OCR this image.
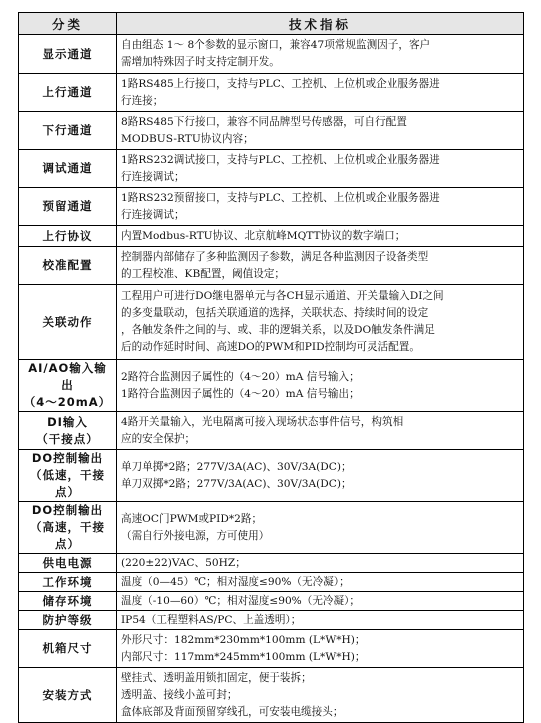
分类	技术指标
显示通道	自由组态 1～ 8个参数的显示窗口，兼容47项常规监测因子，客户
需增加特殊因子时支持定制开发。
上行通道	1路RS485上行接口，支持与PLC、工控机、上位机或企业服务器进
行连接；
下行通道	8路RS485下行接口，兼容不同品牌型号传感器，可自行配置
MODBUS-RTU协议内容；
调试通道	1路RS232调试接口，支持与PLC、工控机、上位机或企业服务器进
行连接调试；
预留通道	1路RS232预留接口，支持与PLC、工控机、上位机或企业服务器进
行连接调试；
上行协议	内置Modbus-RTU协议、北京航峰MQTT协议的数字端口；
校准配置	控制器内部储存了多种监测因子参数，满足各种监测因子设备类型
的工程校准、KB配置，阈值设定；
关联动作	工程用户可进行DO继电器单元与各CH显示通道、开关量输入DI之间
的多变量联动，包括关联通道的选择，关联状态、持续时间的设定
，各触发条件之间的与、或、非的逻辑关系，以及DO触发条件满足
后的动作延时时间、高速DO的PWM和PID控制均可灵活配置。
AI/AO输入输出
（4～20mA）	2路符合监测因子属性的（4～20）mA 信号输入；
1路符合监测因子属性的（4～20）mA 信号输出；
DI输入
（干接点）	4路开关量输入，光电隔离可接入现场状态事件信号，构筑相
应的安全保护；
DO控制输出
（低速，干接点）	单刀单掷*2路；277V/3A(AC)、30V/3A(DC)；
单刀双掷*2路；277V/3A(AC)、30V/3A(DC)；
DO控制输出
（高速，干接点）	高速OC门PWM或PID*2路；
（需自行外接电源，方可使用）
供电电源	(220±22)VAC、50HZ；
工作环境	温度（0—45）℃；相对湿度≤90%（无冷凝）；
储存环境	温度（-10—60）℃；相对湿度≤90%（无冷凝）；
防护等级	IP54（工程塑料AS/PC、上盖透明）；
机箱尺寸	外形尺寸：182mm*230mm*100mm (L*W*H)；
内部尺寸：117mm*245mm*100mm (L*W*H)；
安装方式	壁挂式、透明盖用锁扣固定，便于装拆；
透明盖、接线小盖可封；
盒体底部及背面预留穿线孔，可安装电缆接头；
